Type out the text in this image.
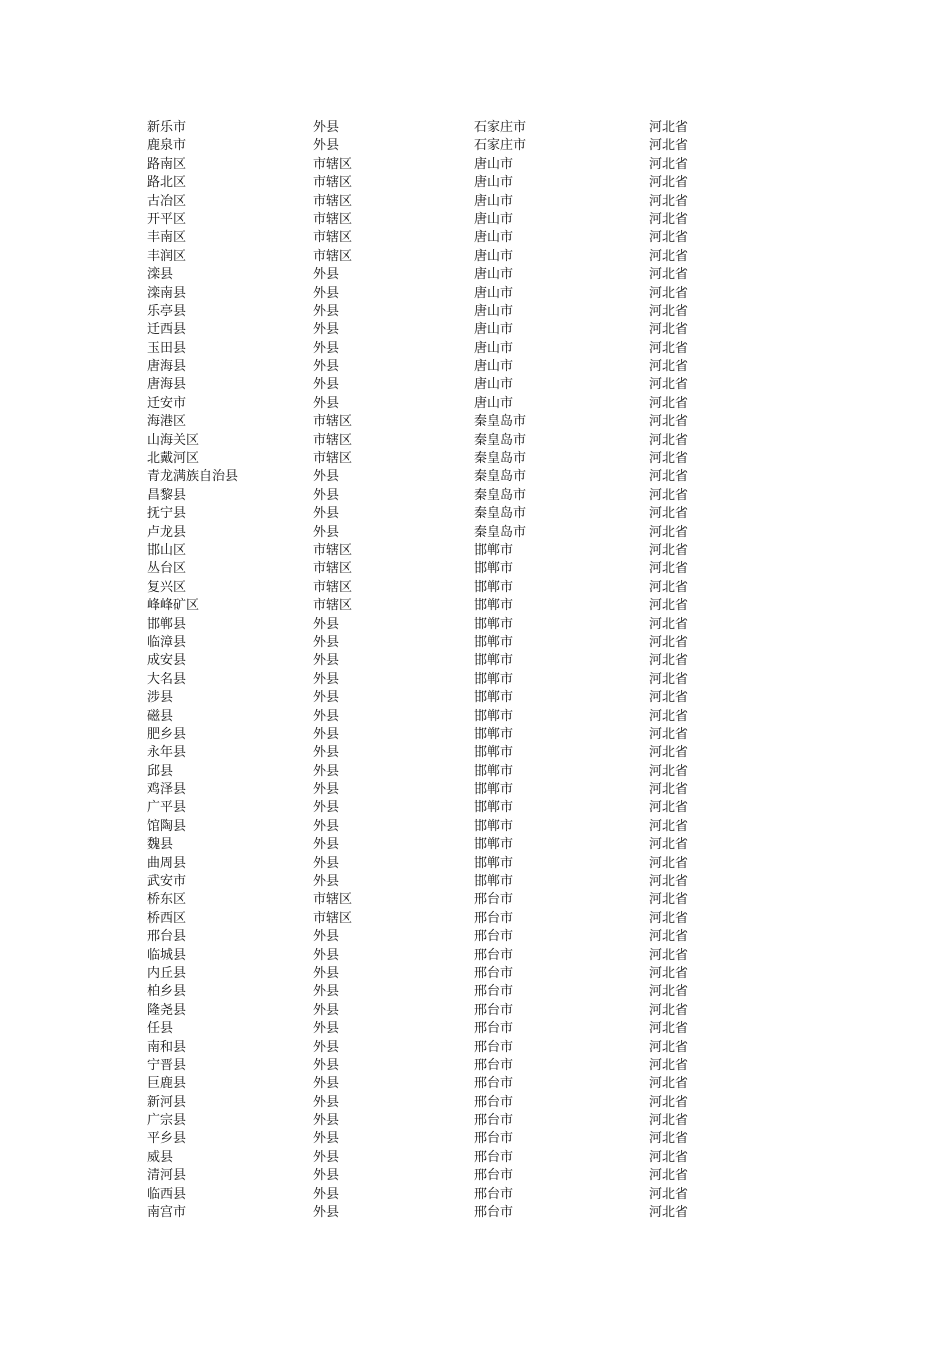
新乐市	外县	石家庄市	河北省
鹿泉市	外县	石家庄市	河北省
路南区	市辖区	唐山市	河北省
路北区	市辖区	唐山市	河北省
古冶区	市辖区	唐山市	河北省
开平区	市辖区	唐山市	河北省
丰南区	市辖区	唐山市	河北省
丰润区	市辖区	唐山市	河北省
滦县	外县	唐山市	河北省
滦南县	外县	唐山市	河北省
乐亭县	外县	唐山市	河北省
迁西县	外县	唐山市	河北省
玉田县	外县	唐山市	河北省
唐海县	外县	唐山市	河北省
唐海县	外县	唐山市	河北省
迁安市	外县	唐山市	河北省
海港区	市辖区	秦皇岛市	河北省
山海关区	市辖区	秦皇岛市	河北省
北戴河区	市辖区	秦皇岛市	河北省
青龙满族自治县	外县	秦皇岛市	河北省
昌黎县	外县	秦皇岛市	河北省
抚宁县	外县	秦皇岛市	河北省
卢龙县	外县	秦皇岛市	河北省
邯山区	市辖区	邯郸市	河北省
丛台区	市辖区	邯郸市	河北省
复兴区	市辖区	邯郸市	河北省
峰峰矿区	市辖区	邯郸市	河北省
邯郸县	外县	邯郸市	河北省
临漳县	外县	邯郸市	河北省
成安县	外县	邯郸市	河北省
大名县	外县	邯郸市	河北省
涉县	外县	邯郸市	河北省
磁县	外县	邯郸市	河北省
肥乡县	外县	邯郸市	河北省
永年县	外县	邯郸市	河北省
邱县	外县	邯郸市	河北省
鸡泽县	外县	邯郸市	河北省
广平县	外县	邯郸市	河北省
馆陶县	外县	邯郸市	河北省
魏县	外县	邯郸市	河北省
曲周县	外县	邯郸市	河北省
武安市	外县	邯郸市	河北省
桥东区	市辖区	邢台市	河北省
桥西区	市辖区	邢台市	河北省
邢台县	外县	邢台市	河北省
临城县	外县	邢台市	河北省
内丘县	外县	邢台市	河北省
柏乡县	外县	邢台市	河北省
隆尧县	外县	邢台市	河北省
任县	外县	邢台市	河北省
南和县	外县	邢台市	河北省
宁晋县	外县	邢台市	河北省
巨鹿县	外县	邢台市	河北省
新河县	外县	邢台市	河北省
广宗县	外县	邢台市	河北省
平乡县	外县	邢台市	河北省
威县	外县	邢台市	河北省
清河县	外县	邢台市	河北省
临西县	外县	邢台市	河北省
南宫市	外县	邢台市	河北省
